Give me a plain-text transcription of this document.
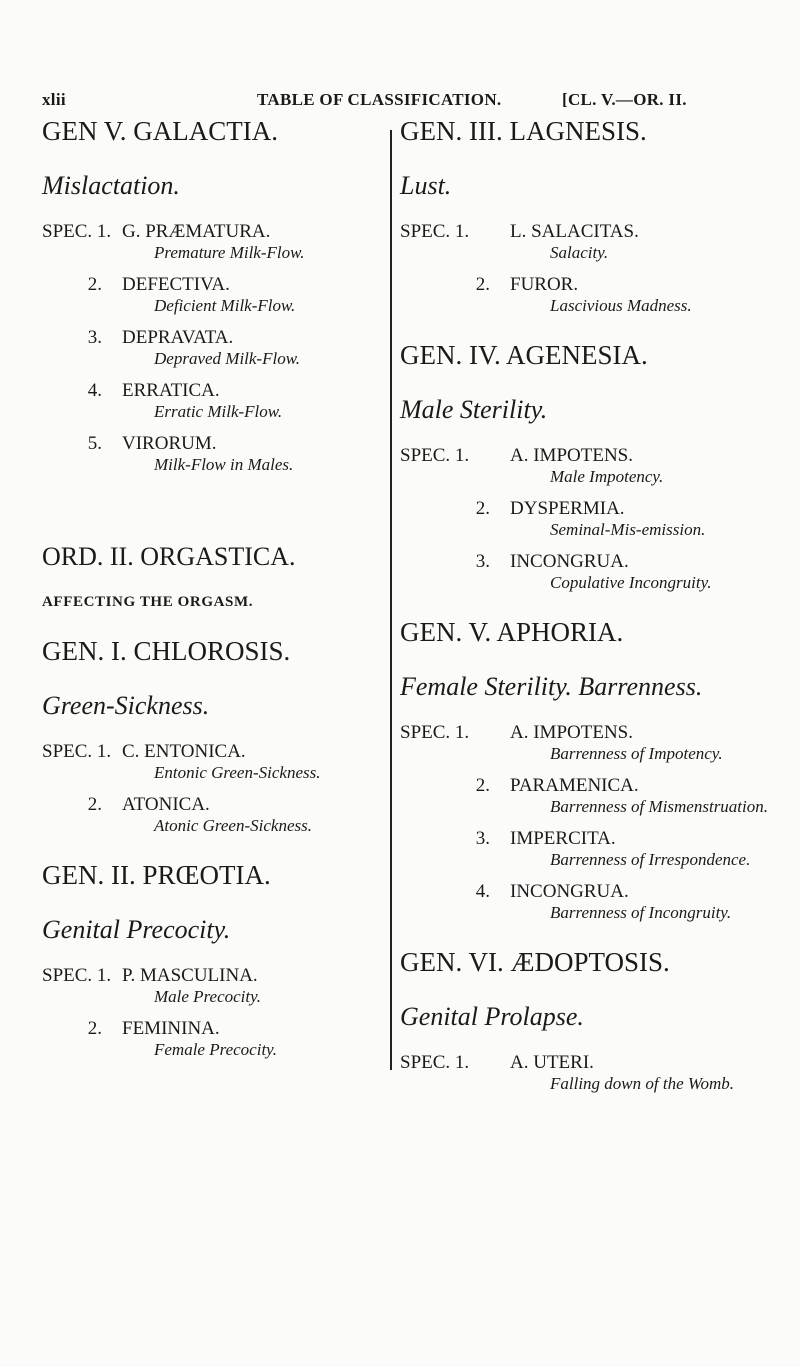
xlii	TABLE OF CLASSIFICATION.	[CL. V.—OR. II.
GEN V. GALACTIA.
Mislactation.
SPEC. 1. G. PRÆMATURA.
Premature Milk-Flow.
2.	DEFECTIVA.
Deficient Milk-Flow.
3.	DEPRAVATA.
Depraved Milk-Flow.
4.	ERRATICA.
Erratic Milk-Flow.
5.	VIRORUM.
Milk-Flow in Males.
ORD. II. ORGASTICA.
AFFECTING THE ORGASM.
GEN. I. CHLOROSIS.
Green-Sickness.
SPEC. 1. C. ENTONICA.
Entonic Green-Sickness.
2.	ATONICA.
Atonic Green-Sickness.
GEN. II. PRŒOTIA.
Genital Precocity.
SPEC. 1. P. MASCULINA.
Male Precocity.
2.	FEMININA.
Female Precocity.
GEN. III. LAGNESIS.
Lust.
SPEC. 1.	L. SALACITAS.
Salacity.
2.	FUROR.
Lascivious Madness.
GEN. IV. AGENESIA.
Male Sterility.
SPEC. 1.	A. IMPOTENS.
Male Impotency.
2.	DYSPERMIA.
Seminal-Mis-emission.
3.	INCONGRUA.
Copulative Incongruity.
GEN. V. APHORIA.
Female Sterility. Barrenness.
SPEC. 1.	A. IMPOTENS.
Barrenness of Impotency.
2.	PARAMENICA.
Barrenness of Mismenstruation.
3.	IMPERCITA.
Barrenness of Irrespondence.
4.	INCONGRUA.
Barrenness of Incongruity.
GEN. VI. ÆDOPTOSIS.
Genital Prolapse.
SPEC. 1.	A. UTERI.
Falling down of the Womb.
